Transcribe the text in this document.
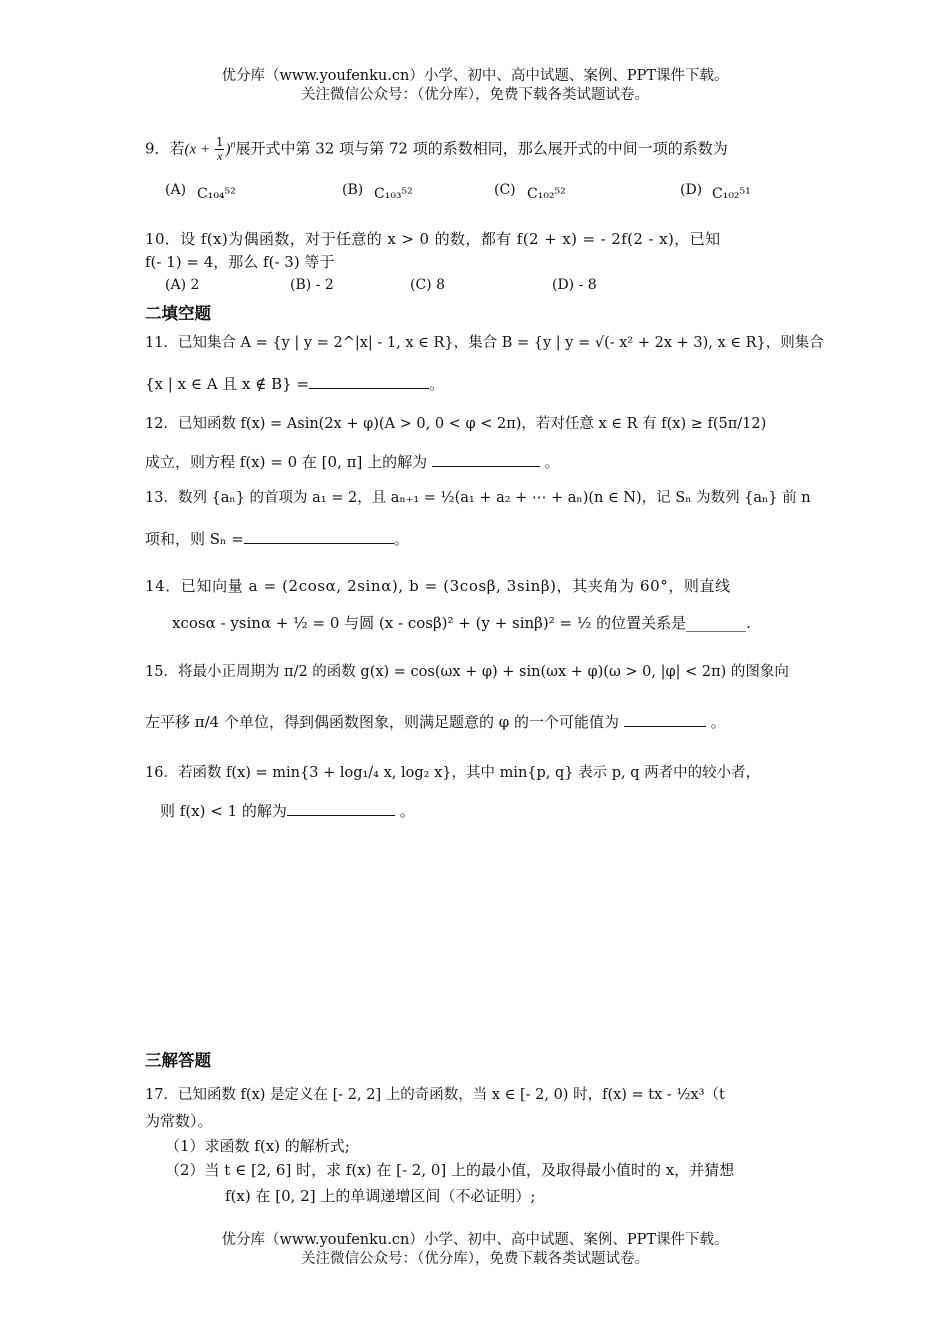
优分库（www.youfenku.cn）小学、初中、高中试题、案例、PPT课件下载。
关注微信公众号：（优分库），免费下载各类试题试卷。
9．若$(x + \frac{1}{x} )^n$展开式中第 32 项与第 72 项的系数相同，那么展开式的中间一项的系数为
(A) C₁₀₄⁵²	(B) C₁₀₃⁵²	(C) C₁₀₂⁵²	(D) C₁₀₂⁵¹
10．设 f(x)为偶函数，对于任意的 x > 0 的数，都有 f(2 + x) = - 2f(2 - x)，已知
f(- 1) = 4，那么 f(- 3) 等于
(A) 2	(B) - 2	(C) 8	(D) - 8
二填空题
11．已知集合 A = {y | y = 2^|x| - 1, x ∈ R}，集合 B = {y | y = √(- x² + 2x + 3), x ∈ R}，则集合
{x | x ∈ A 且 x ∉ B} =	。
12．已知函数 f(x) = Asin(2x + φ)(A > 0, 0 < φ < 2π)，若对任意 x ∈ R 有 f(x) ≥ f(5π/12)
成立，则方程 f(x) = 0 在 [0, π] 上的解为	。
13．数列 {aₙ} 的首项为 a₁ = 2，且 aₙ₊₁ = ½(a₁ + a₂ + ⋯ + aₙ)(n ∈ N)，记 Sₙ 为数列 {aₙ} 前 n
项和，则 Sₙ =	。
14．已知向量 a = (2cosα, 2sinα), b = (3cosβ, 3sinβ)，其夹角为 60°，则直线
xcosα - ysinα + ½ = 0 与圆 (x - cosβ)² + (y + sinβ)² = ½ 的位置关系是________.
15．将最小正周期为 π/2 的函数 g(x) = cos(ωx + φ) + sin(ωx + φ)(ω > 0, |φ| < 2π) 的图象向
左平移 π/4 个单位，得到偶函数图象，则满足题意的 φ 的一个可能值为	。
16．若函数 f(x) = min{3 + log₁/₄ x, log₂ x}，其中 min{p, q} 表示 p, q 两者中的较小者，
则 f(x) < 1 的解为	。
三解答题
17．已知函数 f(x) 是定义在 [- 2, 2] 上的奇函数，当 x ∈ [- 2, 0) 时，f(x) = tx - ½x³（t
为常数）。
（1）求函数 f(x) 的解析式;
（2）当 t ∈ [2, 6] 时，求 f(x) 在 [- 2, 0] 上的最小值，及取得最小值时的 x，并猜想
f(x) 在 [0, 2] 上的单调递增区间（不必证明）;
优分库（www.youfenku.cn）小学、初中、高中试题、案例、PPT课件下载。
关注微信公众号：（优分库），免费下载各类试题试卷。
